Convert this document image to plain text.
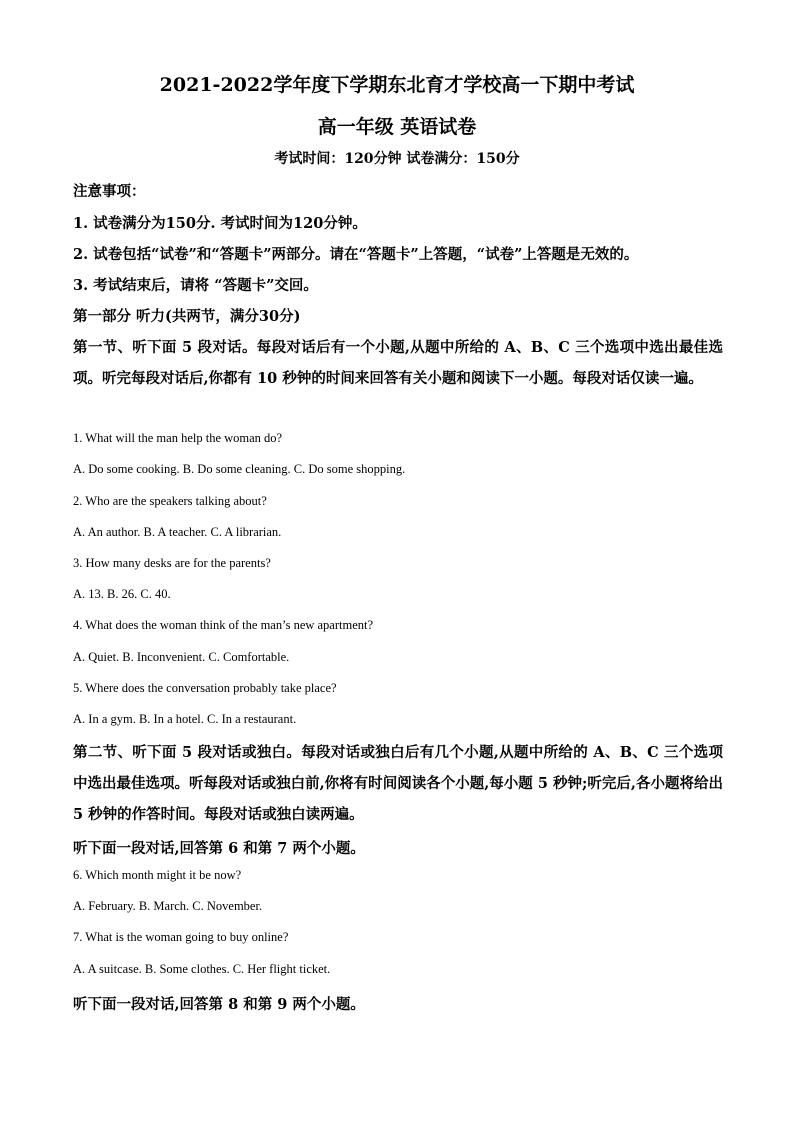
2021-2022学年度下学期东北育才学校高一下期中考试
高一年级 英语试卷
考试时间：120分钟 试卷满分：150分
注意事项：
1. 试卷满分为150分. 考试时间为120分钟。
2. 试卷包括“试卷”和“答题卡”两部分。请在“答题卡”上答题，“试卷”上答题是无效的。
3. 考试结束后，请将 “答题卡”交回。
第一部分 听力(共两节，满分30分)
第一节、听下面 5 段对话。每段对话后有一个小题,从题中所给的 A、B、C 三个选项中选出最佳选项。听完每段对话后,你都有 10 秒钟的时间来回答有关小题和阅读下一小题。每段对话仅读一遍。
1. What will the man help the woman do?
A. Do some cooking. B. Do some cleaning. C. Do some shopping.
2. Who are the speakers talking about?
A. An author. B. A teacher. C. A librarian.
3. How many desks are for the parents?
A. 13. B. 26. C. 40.
4. What does the woman think of the man’s new apartment?
A. Quiet. B. Inconvenient. C. Comfortable.
5. Where does the conversation probably take place?
A. In a gym. B. In a hotel. C. In a restaurant.
第二节、听下面 5 段对话或独白。每段对话或独白后有几个小题,从题中所给的 A、B、C 三个选项中选出最佳选项。听每段对话或独白前,你将有时间阅读各个小题,每小题 5 秒钟;听完后,各小题将给出 5 秒钟的作答时间。每段对话或独白读两遍。
听下面一段对话,回答第 6 和第 7 两个小题。
6. Which month might it be now?
A. February. B. March. C. November.
7. What is the woman going to buy online?
A. A suitcase. B. Some clothes. C. Her flight ticket.
听下面一段对话,回答第 8 和第 9 两个小题。
